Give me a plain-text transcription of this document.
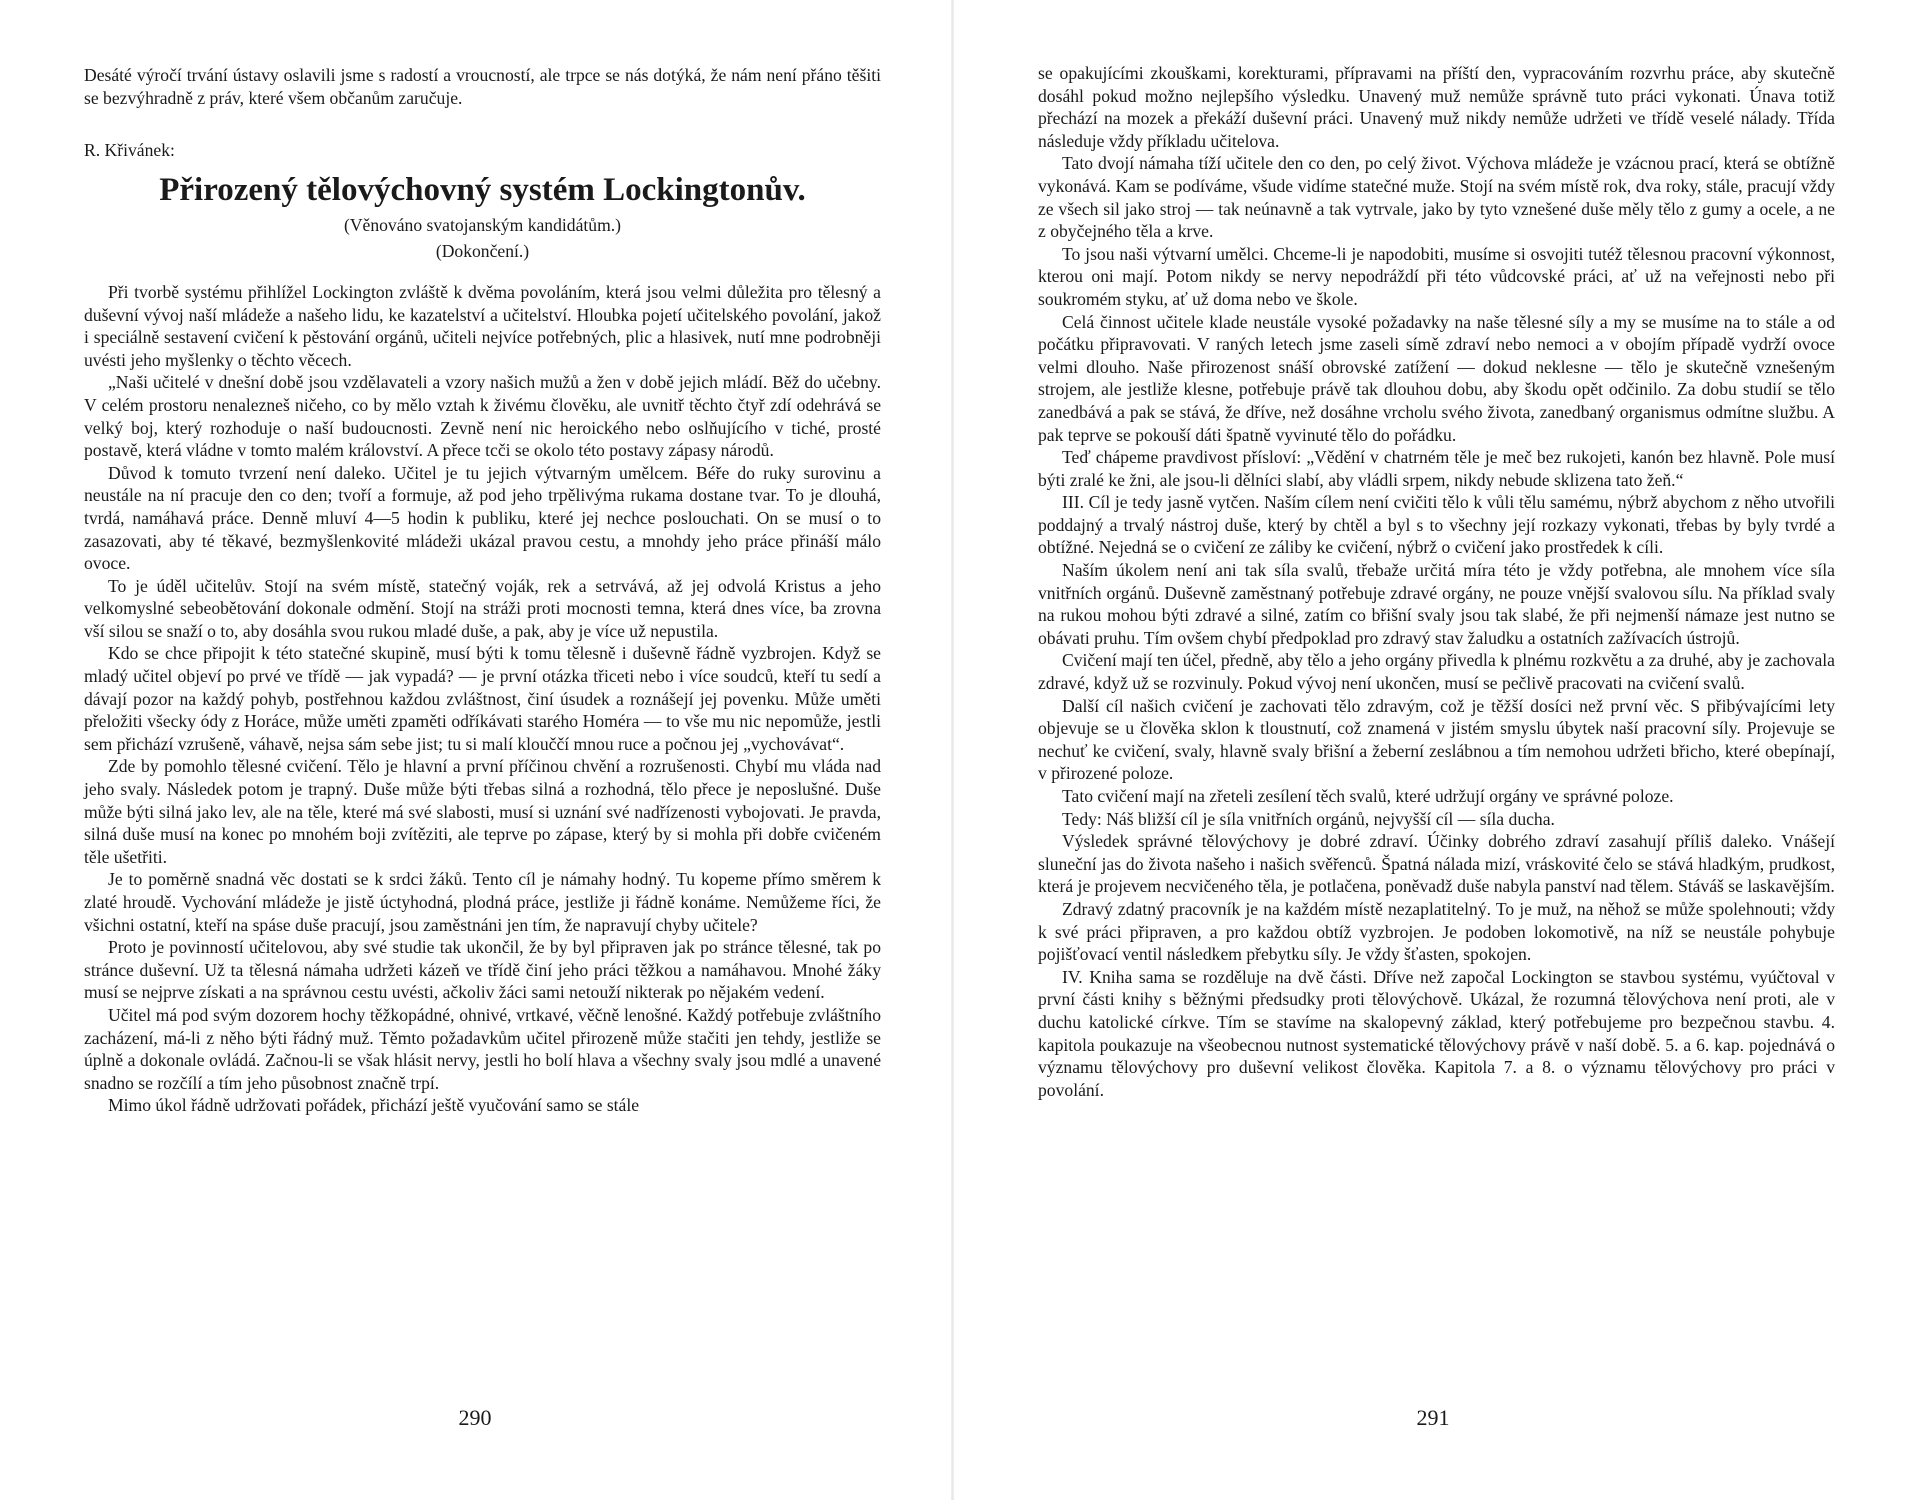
Desáté výročí trvání ústavy oslavili jsme s radostí a vroucností, ale trpce se nás dotýká, že nám není přáno těšiti se bezvýhradně z práv, které všem občanům zaručuje.

R. Křivánek:

Přirozený tělovýchovný systém Lockingtonův.
(Věnováno svatojanským kandidátům.)
(Dokončení.)

Při tvorbě systému přihlížel Lockington zvláště k dvěma povoláním, která jsou velmi důležita pro tělesný a duševní vývoj naší mládeže a našeho lidu, ke kazatelství a učitelství. Hloubka pojetí učitelského povolání, jakož i speciálně sestavení cvičení k pěstování orgánů, učiteli nejvíce potřebných, plic a hlasivek, nutí mne podrobněji uvésti jeho myšlenky o těchto věcech.

„Naši učitelé v dnešní době jsou vzdělavateli a vzory našich mužů a žen v době jejich mládí. Běž do učebny. V celém prostoru nenalezneš ničeho, co by mělo vztah k živému člověku, ale uvnitř těchto čtyř zdí odehrává se velký boj, který rozhoduje o naší budoucnosti. Zevně není nic heroického nebo oslňujícího v tiché, prosté postavě, která vládne v tomto malém království. A přece tcči se okolo této postavy zápasy národů.

Důvod k tomuto tvrzení není daleko. Učitel je tu jejich výtvarným umělcem. Béře do ruky surovinu a neustále na ní pracuje den co den; tvoří a formuje, až pod jeho trpělivýma rukama dostane tvar. To je dlouhá, tvrdá, namáhavá práce. Denně mluví 4—5 hodin k publiku, které jej nechce poslouchati. On se musí o to zasazovati, aby té těkavé, bezmyšlenkovité mládeži ukázal pravou cestu, a mnohdy jeho práce přináší málo ovoce.

To je úděl učitelův. Stojí na svém místě, statečný voják, rek a setrvává, až jej odvolá Kristus a jeho velkomyslné sebeobětování dokonale odmění. Stojí na stráži proti mocnosti temna, která dnes více, ba zrovna vší silou se snaží o to, aby dosáhla svou rukou mladé duše, a pak, aby je více už nepustila.

Kdo se chce připojit k této statečné skupině, musí býti k tomu tělesně i duševně řádně vyzbrojen. Když se mladý učitel objeví po prvé ve třídě — jak vypadá? — je první otázka třiceti nebo i více soudců, kteří tu sedí a dávají pozor na každý pohyb, postřehnou každou zvláštnost, činí úsudek a roznášejí jej povenku. Může uměti přeložiti všecky ódy z Horáce, může uměti zpaměti odříkávati starého Homéra — to vše mu nic nepomůže, jestli sem přichází vzrušeně, váhavě, nejsa sám sebe jist; tu si malí klouččí mnou ruce a počnou jej „vychovávat“.

Zde by pomohlo tělesné cvičení. Tělo je hlavní a první příčinou chvění a rozrušenosti. Chybí mu vláda nad jeho svaly. Následek potom je trapný. Duše může býti třebas silná a rozhodná, tělo přece je neposlušné. Duše může býti silná jako lev, ale na těle, které má své slabosti, musí si uznání své nadřízenosti vybojovati. Je pravda, silná duše musí na konec po mnohém boji zvítěziti, ale teprve po zápase, který by si mohla při dobře cvičeném těle ušetřiti.

Je to poměrně snadná věc dostati se k srdci žáků. Tento cíl je námahy hodný. Tu kopeme přímo směrem k zlaté hroudě. Vychování mládeže je jistě úctyhodná, plodná práce, jestliže ji řádně konáme. Nemůžeme říci, že všichni ostatní, kteří na spáse duše pracují, jsou zaměstnáni jen tím, že napravují chyby učitele?

Proto je povinností učitelovou, aby své studie tak ukončil, že by byl připraven jak po stránce tělesné, tak po stránce duševní. Už ta tělesná námaha udržeti kázeň ve třídě činí jeho práci těžkou a namáhavou. Mnohé žáky musí se nejprve získati a na správnou cestu uvésti, ačkoliv žáci sami netouží nikterak po nějakém vedení.

Učitel má pod svým dozorem hochy těžkopádné, ohnivé, vrtkavé, věčně lenošné. Každý potřebuje zvláštního zacházení, má-li z něho býti řádný muž. Těmto požadavkům učitel přirozeně může stačiti jen tehdy, jestliže se úplně a dokonale ovládá. Začnou-li se však hlásit nervy, jestli ho bolí hlava a všechny svaly jsou mdlé a unavené snadno se rozčílí a tím jeho působnost značně trpí.

Mimo úkol řádně udržovati pořádek, přichází ještě vyučování samo se stále

290

se opakujícími zkouškami, korekturami, přípravami na příští den, vypracováním rozvrhu práce, aby skutečně dosáhl pokud možno nejlepšího výsledku. Unavený muž nemůže správně tuto práci vykonati. Únava totiž přechází na mozek a překáží duševní práci. Unavený muž nikdy nemůže udržeti ve třídě veselé nálady. Třída následuje vždy příkladu učitelova.

Tato dvojí námaha tíží učitele den co den, po celý život. Výchova mládeže je vzácnou prací, která se obtížně vykonává. Kam se podíváme, všude vidíme statečné muže. Stojí na svém místě rok, dva roky, stále, pracují vždy ze všech sil jako stroj — tak neúnavně a tak vytrvale, jako by tyto vznešené duše měly tělo z gumy a ocele, a ne z obyčejného těla a krve.

To jsou naši výtvarní umělci. Chceme-li je napodobiti, musíme si osvojiti tutéž tělesnou pracovní výkonnost, kterou oni mají. Potom nikdy se nervy nepodráždí při této vůdcovské práci, ať už na veřejnosti nebo při soukromém styku, ať už doma nebo ve škole.

Celá činnost učitele klade neustále vysoké požadavky na naše tělesné síly a my se musíme na to stále a od počátku připravovati. V raných letech jsme zaseli símě zdraví nebo nemoci a v obojím případě vydrží ovoce velmi dlouho. Naše přirozenost snáší obrovské zatížení — dokud neklesne — tělo je skutečně vznešeným strojem, ale jestliže klesne, potřebuje právě tak dlouhou dobu, aby škodu opět odčinilo. Za dobu studií se tělo zanedbává a pak se stává, že dříve, než dosáhne vrcholu svého života, zanedbaný organismus odmítne službu. A pak teprve se pokouší dáti špatně vyvinuté tělo do pořádku.

Teď chápeme pravdivost přísloví: „Vědění v chatrném těle je meč bez rukojeti, kanón bez hlavně. Pole musí býti zralé ke žni, ale jsou-li dělníci slabí, aby vládli srpem, nikdy nebude sklizena tato žeň.“

III. Cíl je tedy jasně vytčen. Naším cílem není cvičiti tělo k vůli tělu samému, nýbrž abychom z něho utvořili poddajný a trvalý nástroj duše, který by chtěl a byl s to všechny její rozkazy vykonati, třebas by byly tvrdé a obtížné. Nejedná se o cvičení ze záliby ke cvičení, nýbrž o cvičení jako prostředek k cíli.

Naším úkolem není ani tak síla svalů, třebaže určitá míra této je vždy potřebna, ale mnohem více síla vnitřních orgánů. Duševně zaměstnaný potřebuje zdravé orgány, ne pouze vnější svalovou sílu. Na příklad svaly na rukou mohou býti zdravé a silné, zatím co břišní svaly jsou tak slabé, že při nejmenší námaze jest nutno se obávati pruhu. Tím ovšem chybí předpoklad pro zdravý stav žaludku a ostatních zažívacích ústrojů.

Cvičení mají ten účel, předně, aby tělo a jeho orgány přivedla k plnému rozkvětu a za druhé, aby je zachovala zdravé, když už se rozvinuly. Pokud vývoj není ukončen, musí se pečlivě pracovati na cvičení svalů.

Další cíl našich cvičení je zachovati tělo zdravým, což je těžší dosíci než první věc. S přibývajícími lety objevuje se u člověka sklon k tloustnutí, což znamená v jistém smyslu úbytek naší pracovní síly. Projevuje se nechuť ke cvičení, svaly, hlavně svaly břišní a žeberní zeslábnou a tím nemohou udržeti břicho, které obepínají, v přirozené poloze.

Tato cvičení mají na zřeteli zesílení těch svalů, které udržují orgány ve správné poloze.

Tedy: Náš bližší cíl je síla vnitřních orgánů, nejvyšší cíl — síla ducha.

Výsledek správné tělovýchovy je dobré zdraví. Účinky dobrého zdraví zasahují příliš daleko. Vnášejí sluneční jas do života našeho i našich svěřenců. Špatná nálada mizí, vráskovité čelo se stává hladkým, prudkost, která je projevem necvičeného těla, je potlačena, poněvadž duše nabyla panství nad tělem. Stáváš se laskavějším.

Zdravý zdatný pracovník je na každém místě nezaplatitelný. To je muž, na něhož se může spolehnouti; vždy k své práci připraven, a pro každou obtíž vyzbrojen. Je podoben lokomotivě, na níž se neustále pohybuje pojišťovací ventil následkem přebytku síly. Je vždy šťasten, spokojen.

IV. Kniha sama se rozděluje na dvě části. Dříve než započal Lockington se stavbou systému, vyúčtoval v první části knihy s běžnými předsudky proti tělovýchově. Ukázal, že rozumná tělovýchova není proti, ale v duchu katolické církve. Tím se stavíme na skalopevný základ, který potřebujeme pro bezpečnou stavbu. 4. kapitola poukazuje na všeobecnou nutnost systematické tělovýchovy právě v naší době. 5. a 6. kap. pojednává o významu tělovýchovy pro duševní velikost člověka. Kapitola 7. a 8. o významu tělovýchovy pro práci v povolání.

291
